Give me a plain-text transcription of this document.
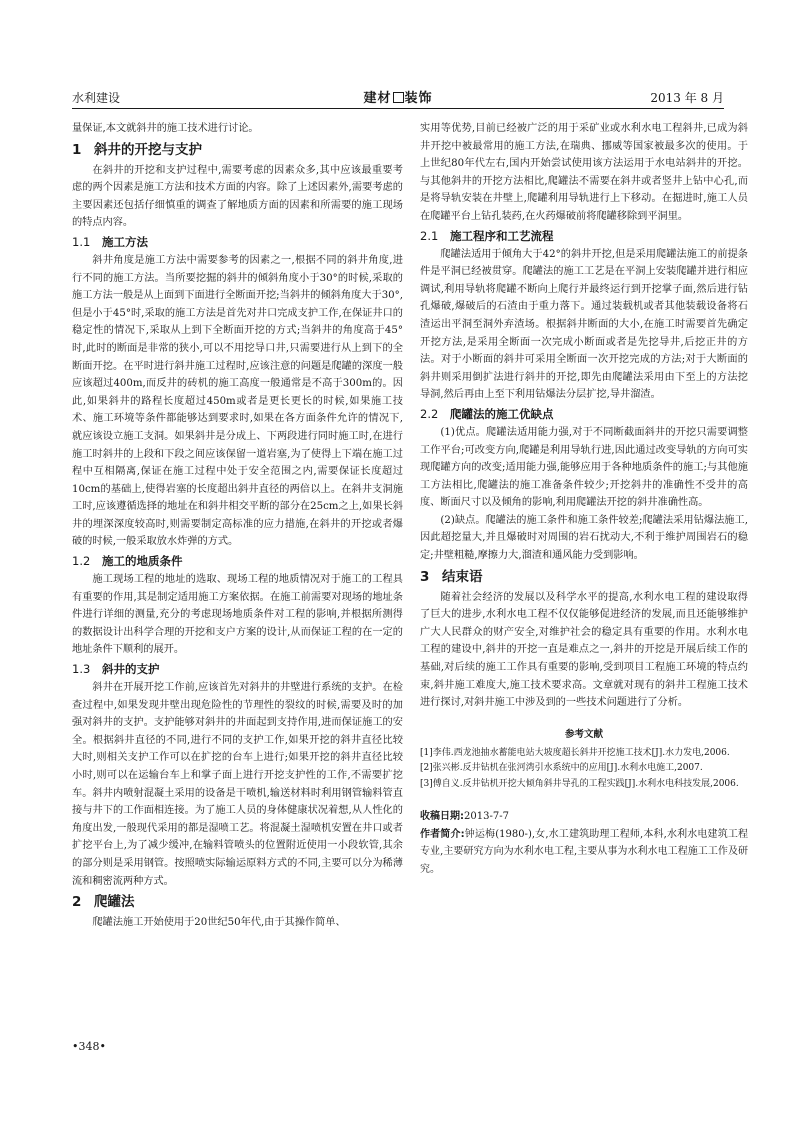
水利建设	建材 装饰	2013 年 8 月

量保证,本文就斜井的施工技术进行讨论。

1 斜井的开挖与支护

在斜井的开挖和支护过程中,需要考虑的因素众多,其中应该最重要考虑的两个因素是施工方法和技术方面的内容。除了上述因素外,需要考虑的主要因素还包括仔细慎重的调查了解地质方面的因素和所需要的施工现场的特点内容。

1.1 施工方法

斜井角度是施工方法中需要参考的因素之一,根据不同的斜井角度,进行不同的施工方法。当所要挖掘的斜井的倾斜角度小于30°的时候,采取的施工方法一般是从上面到下面进行全断面开挖;当斜井的倾斜角度大于30°,但是小于45°时,采取的施工方法是首先对井口完成支护工作,在保证井口的稳定性的情况下,采取从上到下全断面开挖的方式;当斜井的角度高于45°时,此时的断面是非常的狭小,可以不用挖导口井,只需要进行从上到下的全断面开挖。在平时进行斜井施工过程时,应该注意的问题是爬罐的深度一般应该超过400m,而反井的砖机的施工高度一般通常是不高于300m的。因此,如果斜井的路程长度超过450m或者是更长更长的时候,如果施工技术、施工环境等条件都能够达到要求时,如果在各方面条件允许的情况下,就应该设立施工支洞。如果斜井是分成上、下两段进行同时施工时,在进行施工时斜井的上段和下段之间应该保留一道岩塞,为了使得上下端在施工过程中互相隔离,保证在施工过程中处于安全范围之内,需要保证长度超过10cm的基础上,使得岩塞的长度超出斜井直径的两倍以上。在斜井支洞施工时,应该遵循选择的地址在和斜井相交平断的部分在25cm之上,如果长斜井的埋深深度较高时,则需要制定高标准的应力措施,在斜井的开挖或者爆破的时候,一般采取放水炸弹的方式。

1.2 施工的地质条件

施工现场工程的地址的选取、现场工程的地质情况对于施工的工程具有重要的作用,其是制定适用施工方案依据。在施工前需要对现场的地址条件进行详细的测量,充分的考虑现场地质条件对工程的影响,并根据所测得的数据设计出科学合理的开挖和支户方案的设计,从而保证工程的在一定的地址条件下顺利的展开。

1.3 斜井的支护

斜井在开展开挖工作前,应该首先对斜井的井壁进行系统的支护。在检查过程中,如果发现井壁出现危险性的节理性的裂纹的时候,需要及时的加强对斜井的支护。支护能够对斜井的井面起到支持作用,进而保证施工的安全。根据斜井直径的不同,进行不同的支护工作,如果开挖的斜井直径比较大时,则相关支护工作可以在扩挖的台车上进行;如果开挖的斜井直径比较小时,则可以在运输台车上和掌子面上进行开挖支护性的工作,不需要扩挖车。斜井内喷射混凝土采用的设备是干喷机,输送材料时利用钢管输料管直接与井下的工作面相连接。为了施工人员的身体健康状况着想,从人性化的角度出发,一般现代采用的都是湿喷工艺。将混凝土湿喷机安置在井口或者扩挖平台上,为了减少缓冲,在输料管喷头的位置附近使用一小段软管,其余的部分则是采用钢管。按照喷实际输运原料方式的不同,主要可以分为稀薄流和稠密流两种方式。

2 爬罐法

爬罐法施工开始使用于20世纪50年代,由于其操作简单、

实用等优势,目前已经被广泛的用于采矿业或水利水电工程斜井,已成为斜井开挖中被最常用的施工方法,在瑞典、挪威等国家被最多次的使用。于上世纪80年代左右,国内开始尝试使用该方法运用于水电站斜井的开挖。与其他斜井的开挖方法相比,爬罐法不需要在斜井或者竖井上钻中心孔,而是将导轨安装在井壁上,爬罐利用导轨进行上下移动。在掘进时,施工人员在爬罐平台上钻孔装药,在火药爆破前将爬罐移除到平洞里。

2.1 施工程序和工艺流程

爬罐法适用于倾角大于42°的斜井开挖,但是采用爬罐法施工的前提条件是平洞已经被贯穿。爬罐法的施工工艺是在平洞上安装爬罐并进行相应调试,利用导轨将爬罐不断向上爬行并最终运行到开挖掌子面,然后进行钻孔爆破,爆破后的石渣由于重力落下。通过装载机或者其他装载设备将石渣运出平洞至洞外弃渣场。根据斜井断面的大小,在施工时需要首先确定开挖方法,是采用全断面一次完成小断面或者是先挖导井,后挖正井的方法。对于小断面的斜井可采用全断面一次开挖完成的方法;对于大断面的斜井则采用倒扩法进行斜井的开挖,即先由爬罐法采用由下至上的方法挖导洞,然后再由上至下利用钻爆法分层扩挖,导井溜渣。

2.2 爬罐法的施工优缺点

(1)优点。爬罐法适用能力强,对于不同断截面斜井的开挖只需要调整工作平台;可改变方向,爬罐是利用导轨行进,因此通过改变导轨的方向可实现爬罐方向的改变;适用能力强,能够应用于各种地质条件的施工;与其他施工方法相比,爬罐法的施工准备条件较少;开挖斜井的准确性不受井的高度、断面尺寸以及倾角的影响,利用爬罐法开挖的斜井准确性高。

(2)缺点。爬罐法的施工条件和施工条件较差;爬罐法采用钻爆法施工,因此超挖量大,并且爆破时对周围的岩石扰动大,不利于维护周围岩石的稳定;井壁粗糙,摩擦力大,溜渣和通风能力受到影响。

3 结束语

随着社会经济的发展以及科学水平的提高,水利水电工程的建设取得了巨大的进步,水利水电工程不仅仅能够促进经济的发展,而且还能够维护广大人民群众的财产安全,对维护社会的稳定具有重要的作用。水利水电工程的建设中,斜井的开挖一直是难点之一,斜井的开挖是开展后续工作的基础,对后续的施工工作具有重要的影响,受到项目工程施工环境的特点约束,斜井施工难度大,施工技术要求高。文章就对现有的斜井工程施工技术进行探讨,对斜井施工中涉及到的一些技术问题进行了分析。

参考文献

[1]李伟.西龙池抽水蓄能电站大坡度超长斜井开挖施工技术[J].水力发电,2006.

[2]张兴彬.反井钻机在张河湾引水系统中的应用[J].水利水电施工,2007.

[3]傅自义.反井钻机开挖大倾角斜井导孔的工程实践[J].水利水电科技发展,2006.

收稿日期:2013-7-7

作者简介:钟运梅(1980-),女,水工建筑助理工程师,本科,水利水电建筑工程专业,主要研究方向为水利水电工程,主要从事为水利水电工程施工工作及研究。

•348•
